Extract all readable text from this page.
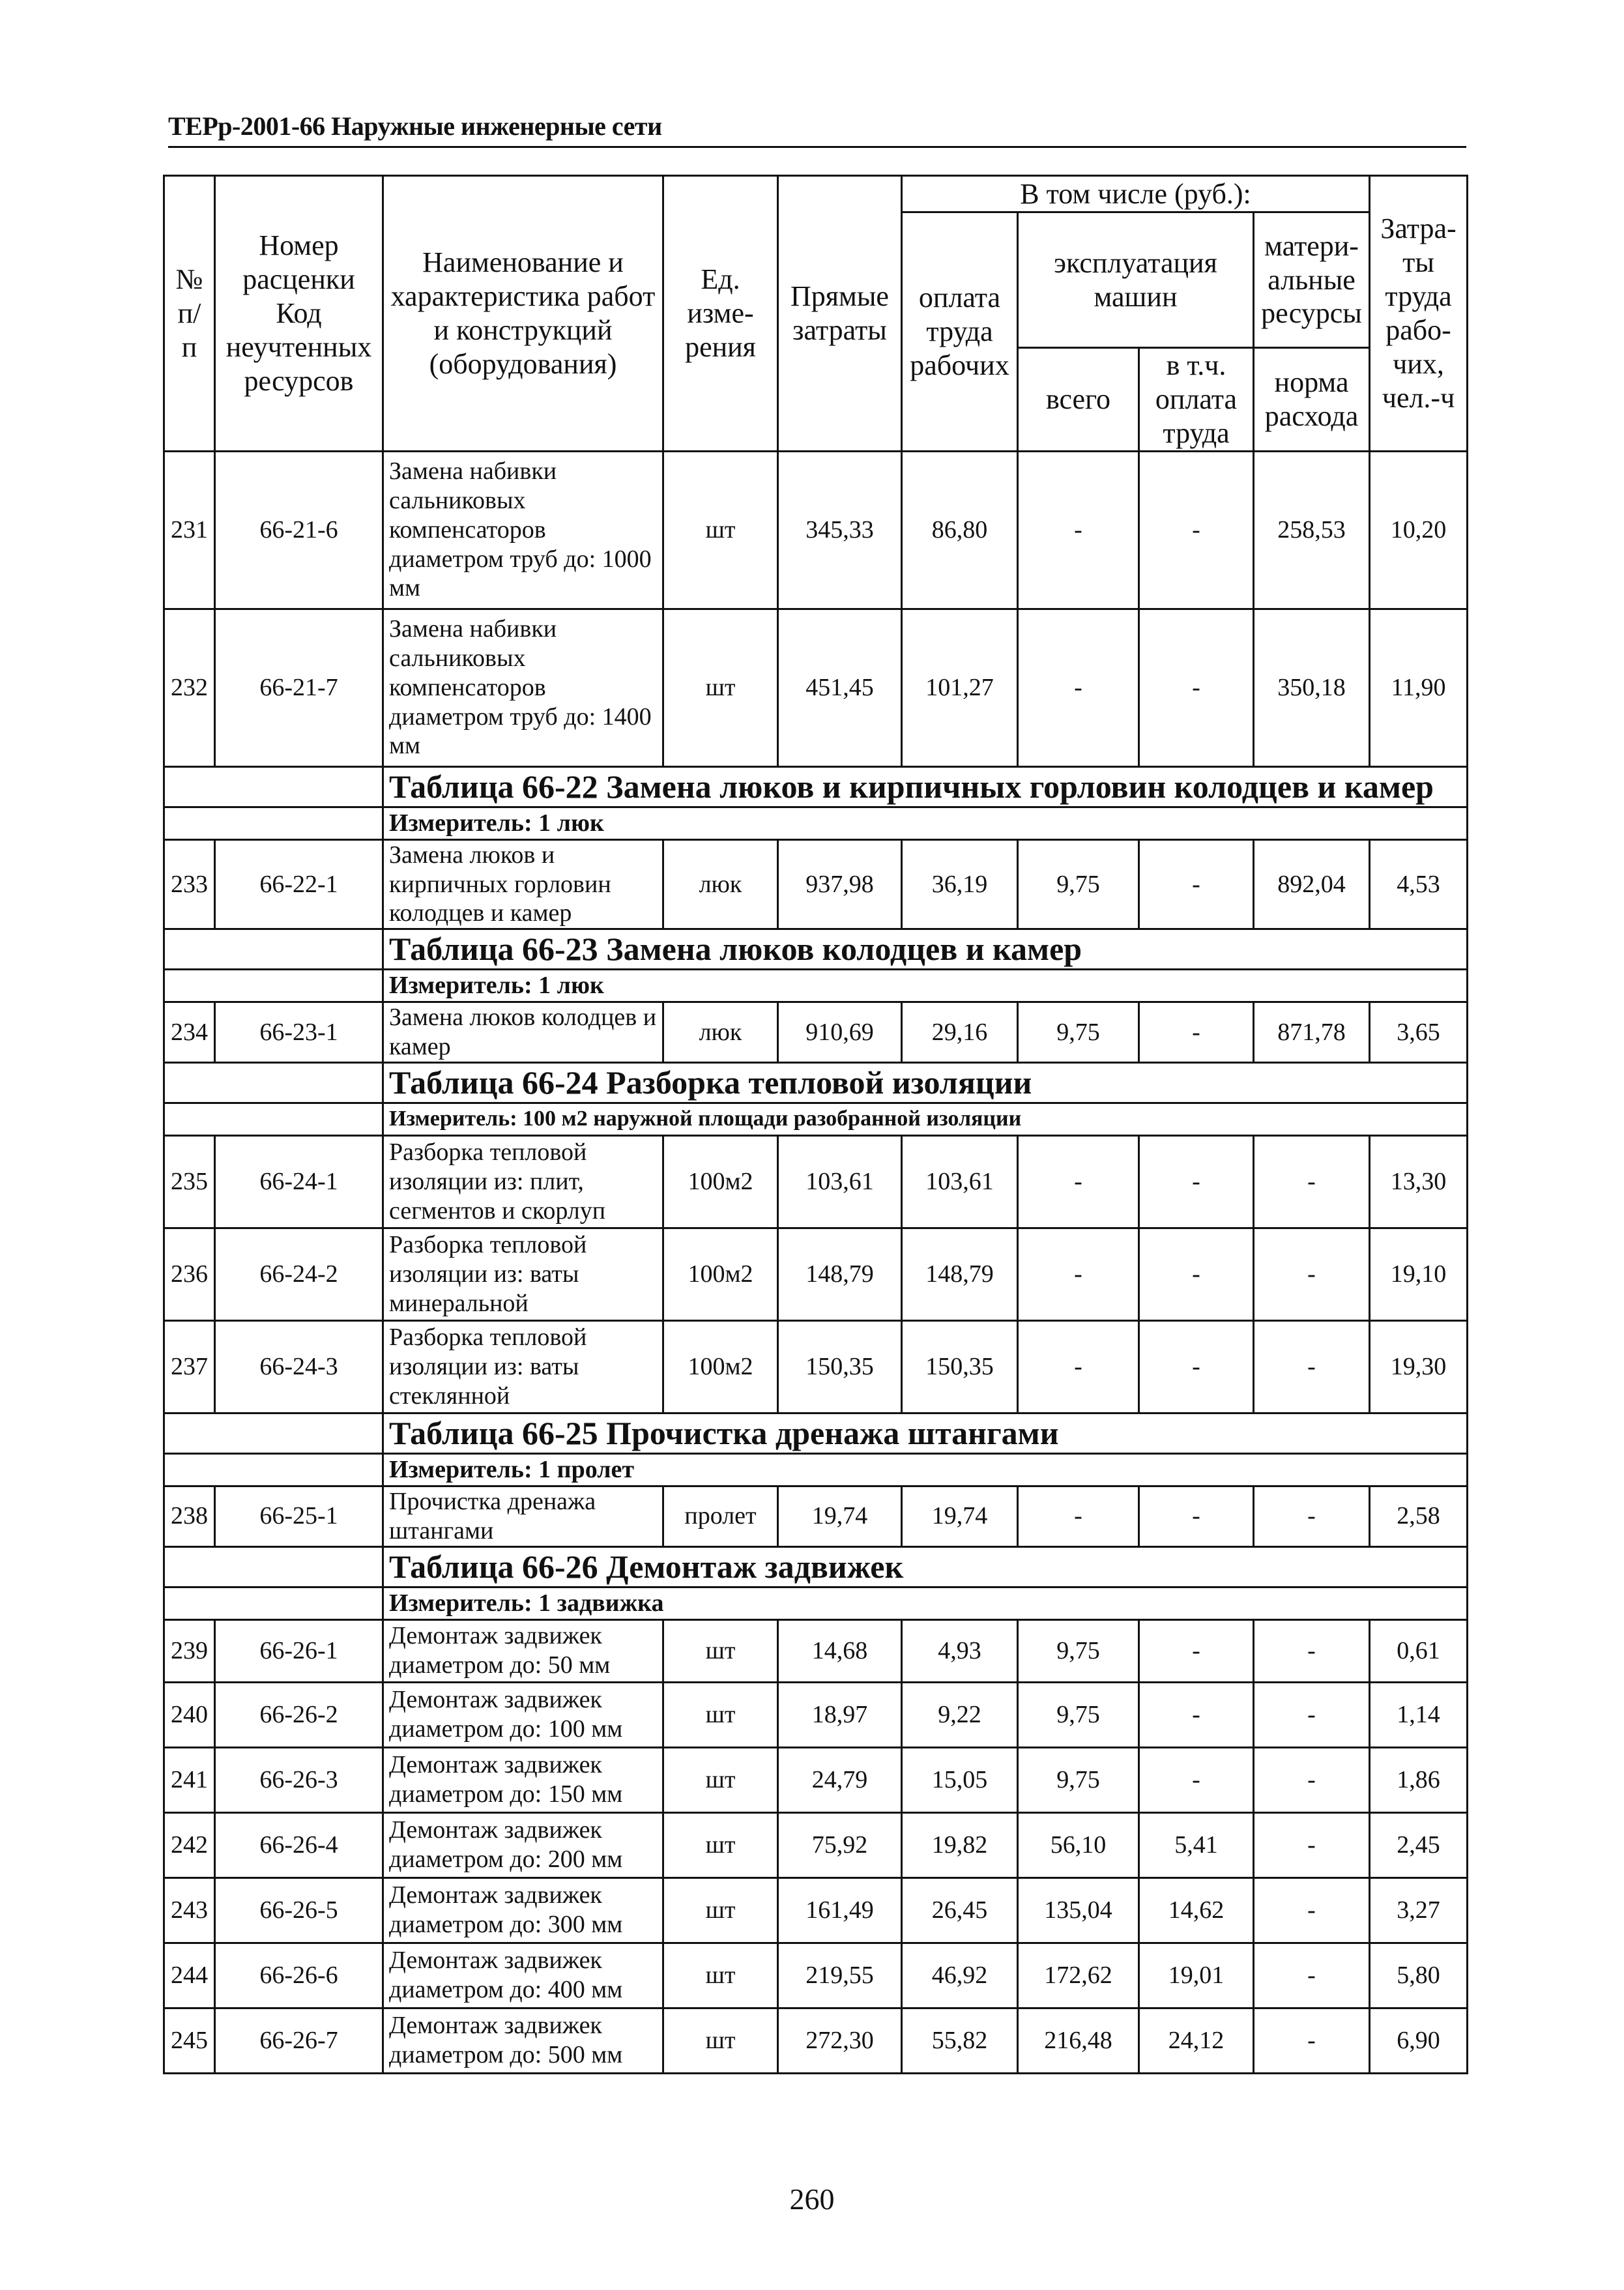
ТЕРр-2001-66 Наружные инженерные сети
№ п/п	Номер расценки Код неучтенных ресурсов	Наименование и характеристика работ и конструкций (оборудования)	Ед. изме-рения	Прямые затраты	В том числе (руб.):				Затра-ты труда рабо-чих, чел.-ч
					оплата труда рабочих	эксплуатация машин		матери-альные ресурсы	
						всего	в т.ч. оплата труда	норма расхода	

231	66-21-6	Замена набивки сальниковых компенсаторов диаметром труб до: 1000 мм	шт	345,33	86,80	-	-	258,53	10,20
232	66-21-7	Замена набивки сальниковых компенсаторов диаметром труб до: 1400 мм	шт	451,45	101,27	-	-	350,18	11,90
		Таблица 66-22 Замена люков и кирпичных горловин колодцев и камер							
		Измеритель: 1 люк							
233	66-22-1	Замена люков и кирпичных горловин колодцев и камер	люк	937,98	36,19	9,75	-	892,04	4,53
		Таблица 66-23 Замена люков колодцев и камер							
		Измеритель: 1 люк							
234	66-23-1	Замена люков колодцев и камер	люк	910,69	29,16	9,75	-	871,78	3,65
		Таблица 66-24 Разборка тепловой изоляции							
		Измеритель: 100 м2 наружной площади разобранной изоляции							
235	66-24-1	Разборка тепловой изоляции из: плит, сегментов и скорлуп	100м2	103,61	103,61	-	-	-	13,30
236	66-24-2	Разборка тепловой изоляции из: ваты минеральной	100м2	148,79	148,79	-	-	-	19,10
237	66-24-3	Разборка тепловой изоляции из: ваты стеклянной	100м2	150,35	150,35	-	-	-	19,30
		Таблица 66-25 Прочистка дренажа штангами							
		Измеритель: 1 пролет							
238	66-25-1	Прочистка дренажа штангами	пролет	19,74	19,74	-	-	-	2,58
		Таблица 66-26 Демонтаж задвижек							
		Измеритель: 1 задвижка							
239	66-26-1	Демонтаж задвижек диаметром до: 50 мм	шт	14,68	4,93	9,75	-	-	0,61
240	66-26-2	Демонтаж задвижек диаметром до: 100 мм	шт	18,97	9,22	9,75	-	-	1,14
241	66-26-3	Демонтаж задвижек диаметром до: 150 мм	шт	24,79	15,05	9,75	-	-	1,86
242	66-26-4	Демонтаж задвижек диаметром до: 200 мм	шт	75,92	19,82	56,10	5,41	-	2,45
243	66-26-5	Демонтаж задвижек диаметром до: 300 мм	шт	161,49	26,45	135,04	14,62	-	3,27
244	66-26-6	Демонтаж задвижек диаметром до: 400 мм	шт	219,55	46,92	172,62	19,01	-	5,80
245	66-26-7	Демонтаж задвижек диаметром до: 500 мм	шт	272,30	55,82	216,48	24,12	-	6,90
260
